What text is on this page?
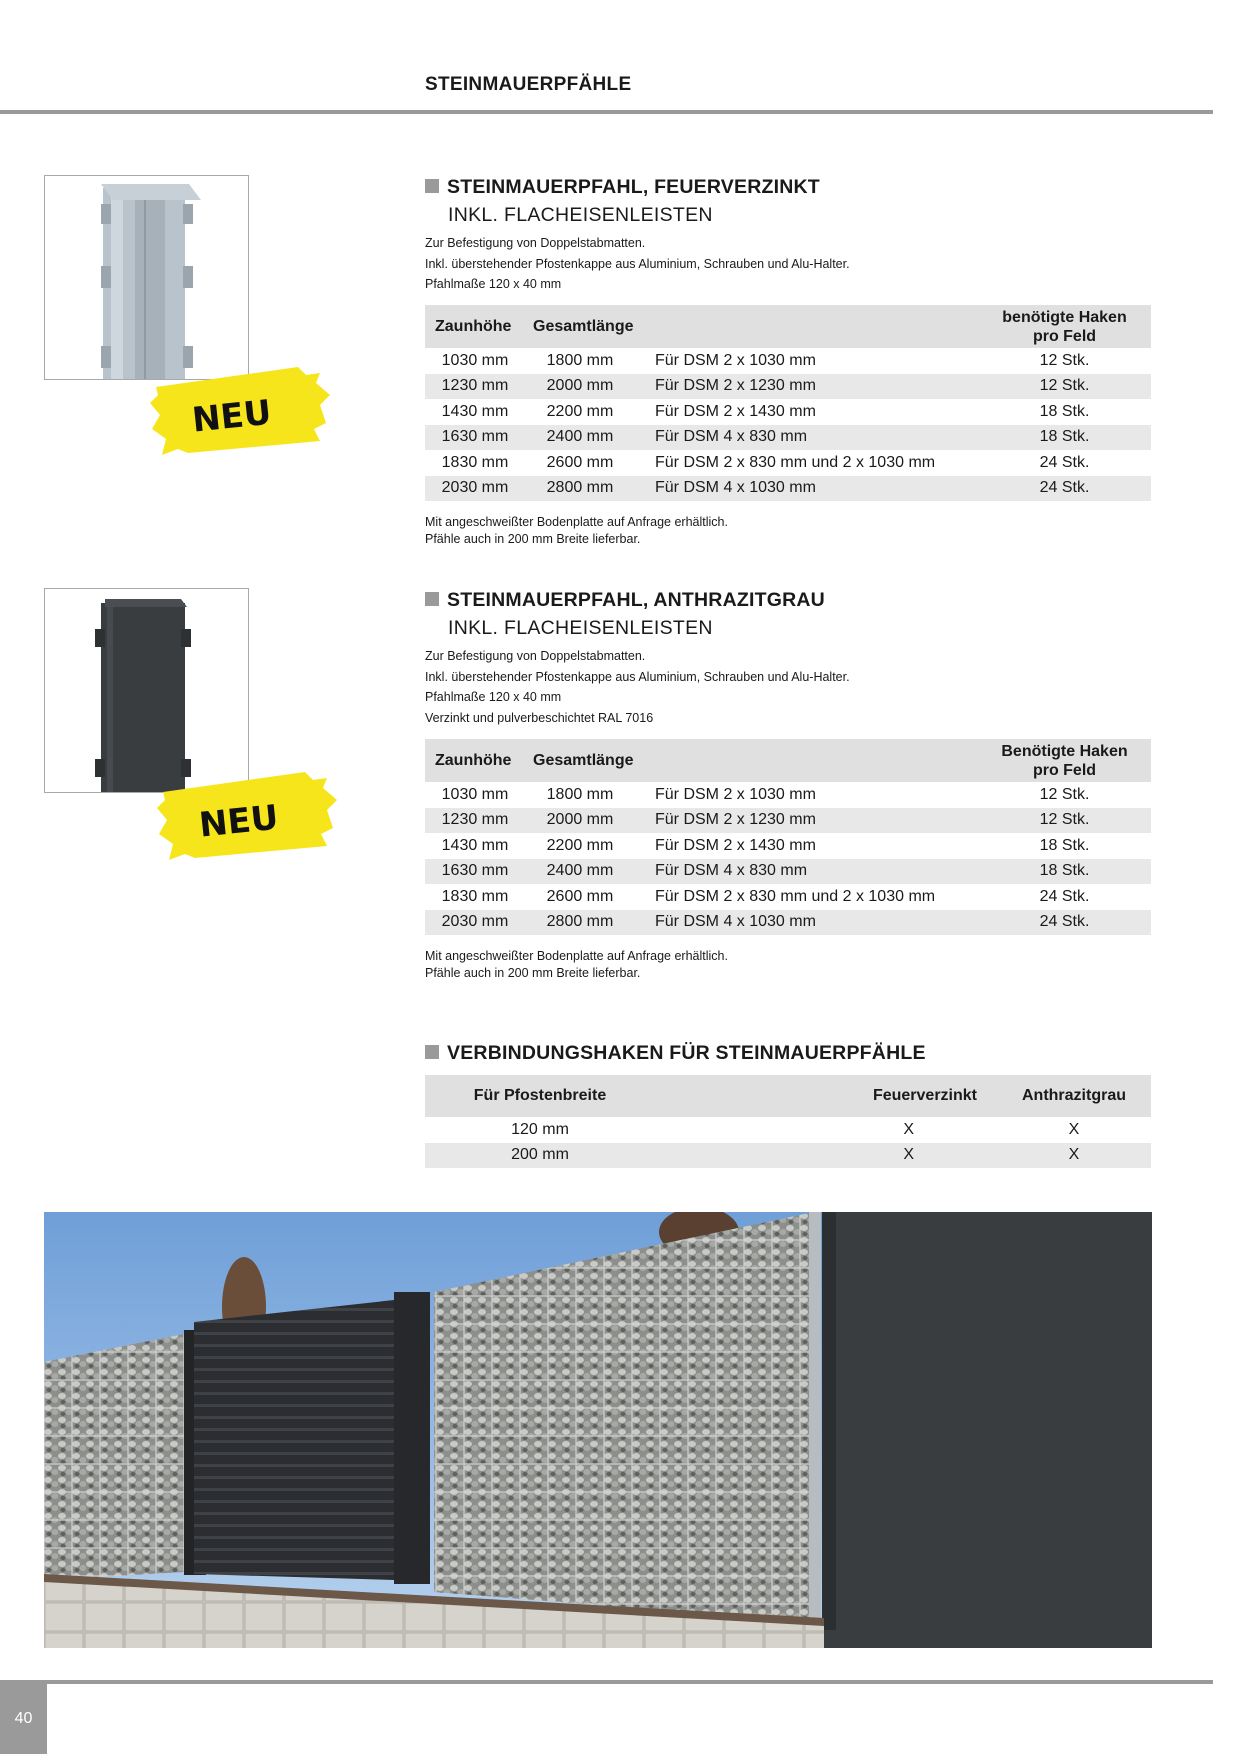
STEINMAUERPFÄHLE
NEU
STEINMAUERPFAHL, FEUERVERZINKT
INKL. FLACHEISENLEISTEN
Zur Befestigung von Doppelstabmatten.
Inkl. überstehender Pfostenkappe aus Aluminium, Schrauben und Alu-Halter.
Pfahlmaße 120 x 40 mm
Zaunhöhe	Gesamtlänge		benötigte Haken
pro Feld

1030 mm	1800 mm	Für DSM 2 x 1030 mm	12 Stk.
1230 mm	2000 mm	Für DSM 2 x 1230 mm	12 Stk.
1430 mm	2200 mm	Für DSM 2 x 1430 mm	18 Stk.
1630 mm	2400 mm	Für DSM 4 x 830 mm	18 Stk.
1830 mm	2600 mm	Für DSM 2 x 830 mm und 2 x 1030 mm	24 Stk.
2030 mm	2800 mm	Für DSM 4 x 1030 mm	24 Stk.
Mit angeschweißter Bodenplatte auf Anfrage erhältlich.
Pfähle auch in 200 mm Breite lieferbar.
NEU
STEINMAUERPFAHL, ANTHRAZITGRAU
INKL. FLACHEISENLEISTEN
Zur Befestigung von Doppelstabmatten.
Inkl. überstehender Pfostenkappe aus Aluminium, Schrauben und Alu-Halter.
Pfahlmaße 120 x 40 mm
Verzinkt und pulverbeschichtet RAL 7016
Zaunhöhe	Gesamtlänge		Benötigte Haken
pro Feld

1030 mm	1800 mm	Für DSM 2 x 1030 mm	12 Stk.
1230 mm	2000 mm	Für DSM 2 x 1230 mm	12 Stk.
1430 mm	2200 mm	Für DSM 2 x 1430 mm	18 Stk.
1630 mm	2400 mm	Für DSM 4 x 830 mm	18 Stk.
1830 mm	2600 mm	Für DSM 2 x 830 mm und 2 x 1030 mm	24 Stk.
2030 mm	2800 mm	Für DSM 4 x 1030 mm	24 Stk.
Mit angeschweißter Bodenplatte auf Anfrage erhältlich.
Pfähle auch in 200 mm Breite lieferbar.
VERBINDUNGSHAKEN FÜR STEINMAUERPFÄHLE
Für Pfostenbreite	Feuerverzinkt	Anthrazitgrau
120 mm	X	X
200 mm	X	X
40
